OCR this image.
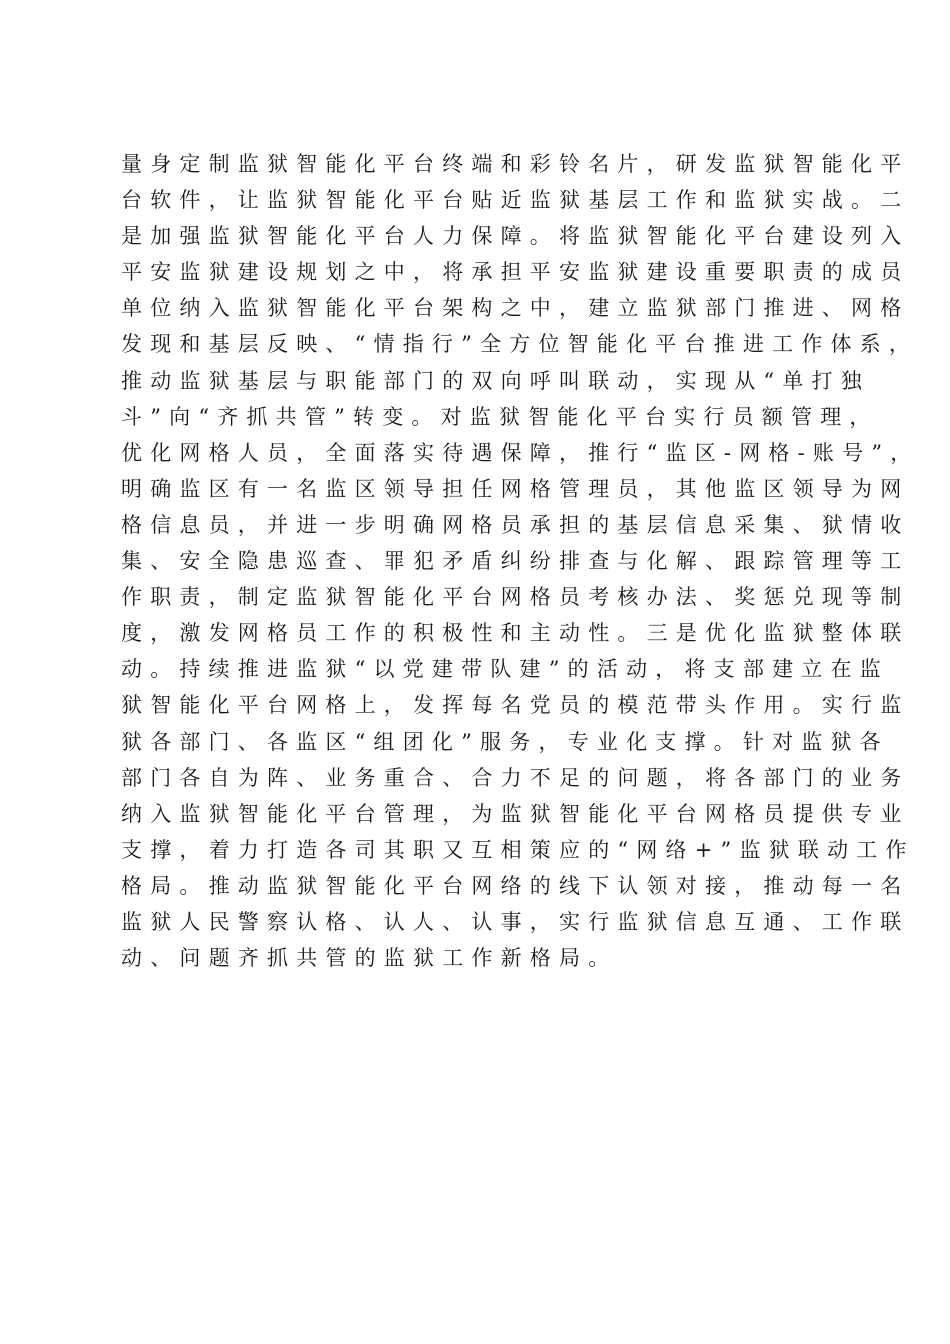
量身定制监狱智能化平台终端和彩铃名片，研发监狱智能化平
台软件，让监狱智能化平台贴近监狱基层工作和监狱实战。二
是加强监狱智能化平台人力保障。将监狱智能化平台建设列入
平安监狱建设规划之中，将承担平安监狱建设重要职责的成员
单位纳入监狱智能化平台架构之中，建立监狱部门推进、网格
发现和基层反映、“情指行”全方位智能化平台推进工作体系，
推动监狱基层与职能部门的双向呼叫联动，实现从“单打独
斗”向“齐抓共管”转变。对监狱智能化平台实行员额管理，
优化网格人员，全面落实待遇保障，推行“监区-网格-账号”，
明确监区有一名监区领导担任网格管理员，其他监区领导为网
格信息员，并进一步明确网格员承担的基层信息采集、狱情收
集、安全隐患巡查、罪犯矛盾纠纷排查与化解、跟踪管理等工
作职责，制定监狱智能化平台网格员考核办法、奖惩兑现等制
度，激发网格员工作的积极性和主动性。三是优化监狱整体联
动。持续推进监狱“以党建带队建”的活动，将支部建立在监
狱智能化平台网格上，发挥每名党员的模范带头作用。实行监
狱各部门、各监区“组团化”服务，专业化支撑。针对监狱各
部门各自为阵、业务重合、合力不足的问题，将各部门的业务
纳入监狱智能化平台管理，为监狱智能化平台网格员提供专业
支撑，着力打造各司其职又互相策应的“网络+”监狱联动工作
格局。推动监狱智能化平台网络的线下认领对接，推动每一名
监狱人民警察认格、认人、认事，实行监狱信息互通、工作联
动、问题齐抓共管的监狱工作新格局。
